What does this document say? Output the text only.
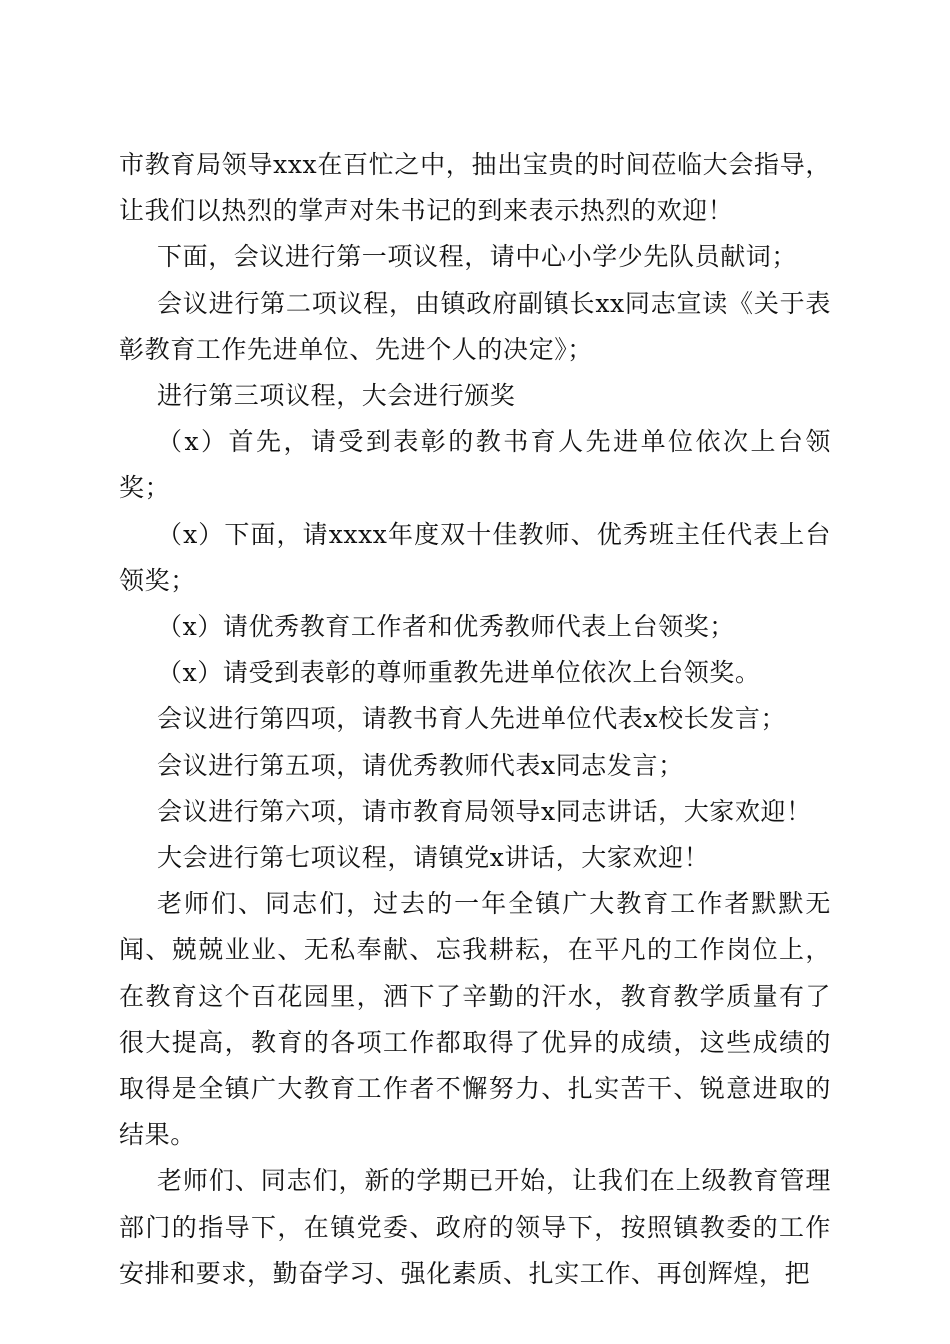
市教育局领导xxx在百忙之中，抽出宝贵的时间莅临大会指导，让我们以热烈的掌声对朱书记的到来表示热烈的欢迎！

下面，会议进行第一项议程，请中心小学少先队员献词；

会议进行第二项议程，由镇政府副镇长xx同志宣读《关于表彰教育工作先进单位、先进个人的决定》；

进行第三项议程，大会进行颁奖

（x）首先，请受到表彰的教书育人先进单位依次上台领奖；

（x）下面，请xxxx年度双十佳教师、优秀班主任代表上台领奖；

（x）请优秀教育工作者和优秀教师代表上台领奖；

（x）请受到表彰的尊师重教先进单位依次上台领奖。

会议进行第四项，请教书育人先进单位代表x校长发言；

会议进行第五项，请优秀教师代表x同志发言；

会议进行第六项，请市教育局领导x同志讲话，大家欢迎！

大会进行第七项议程，请镇党x讲话，大家欢迎！

老师们、同志们，过去的一年全镇广大教育工作者默默无闻、兢兢业业、无私奉献、忘我耕耘，在平凡的工作岗位上，在教育这个百花园里，洒下了辛勤的汗水，教育教学质量有了很大提高，教育的各项工作都取得了优异的成绩，这些成绩的取得是全镇广大教育工作者不懈努力、扎实苦干、锐意进取的结果。

老师们、同志们，新的学期已开始，让我们在上级教育管理部门的指导下，在镇党委、政府的领导下，按照镇教委的工作安排和要求，勤奋学习、强化素质、扎实工作、再创辉煌，把
